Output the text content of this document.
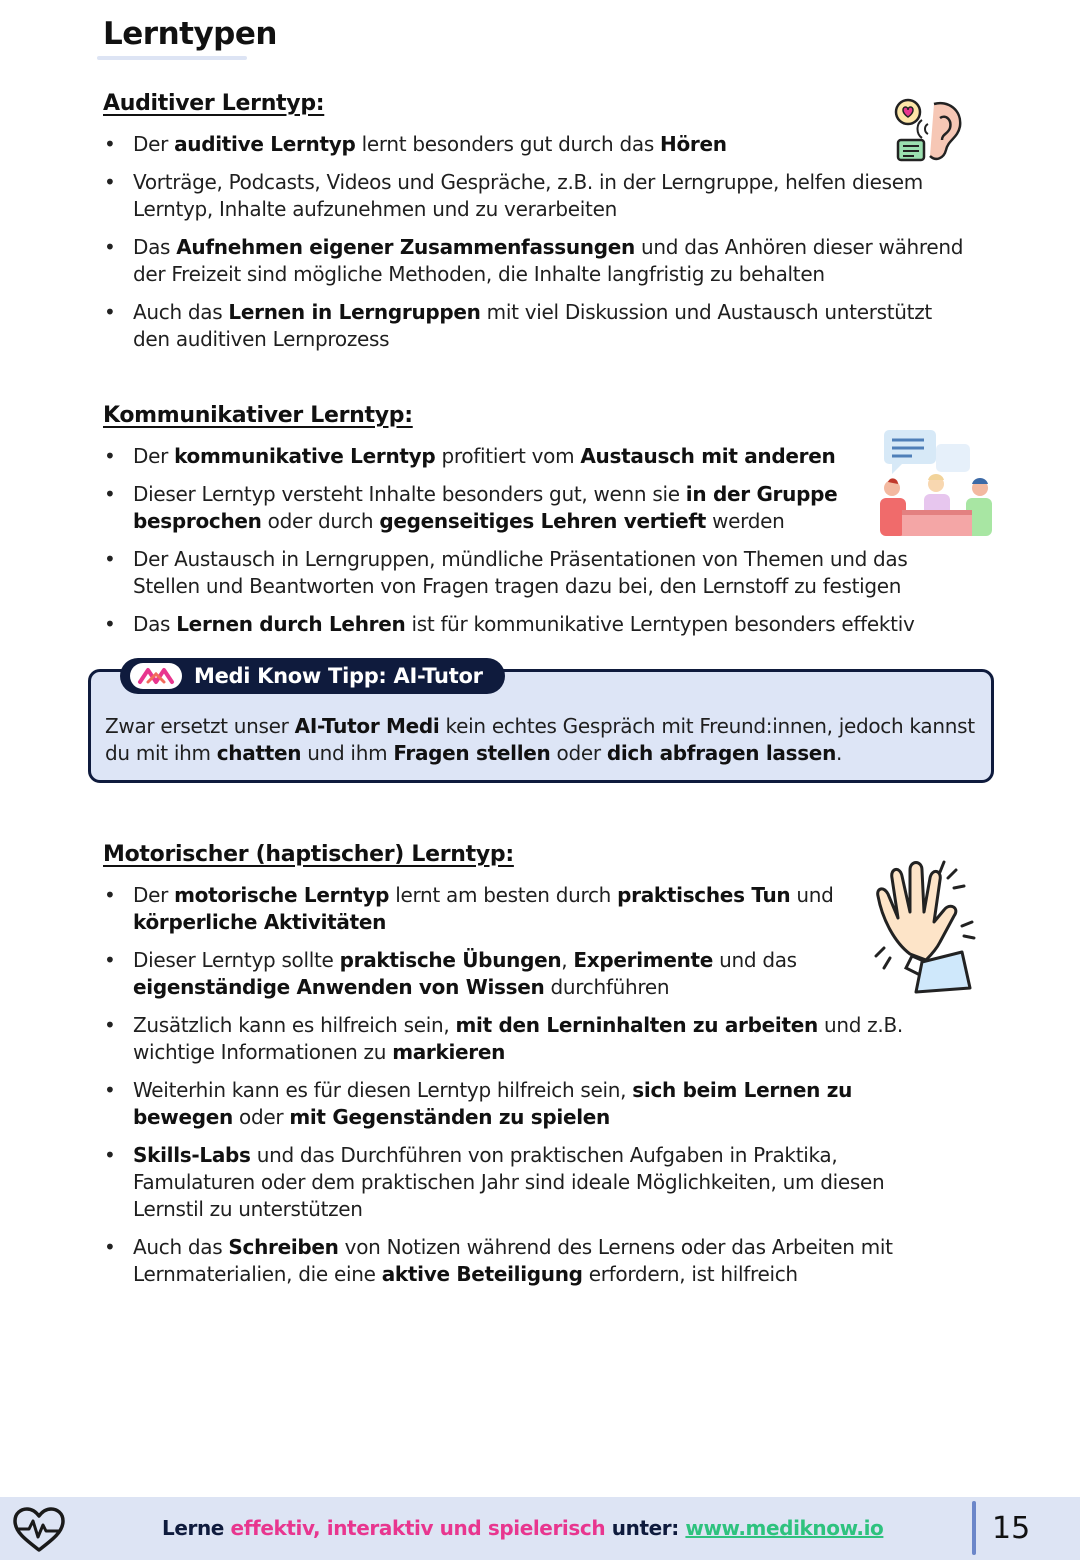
Lerntypen
Auditiver Lerntyp:
• Der auditive Lerntyp lernt besonders gut durch das Hören
• Vorträge, Podcasts, Videos und Gespräche, z.B. in der Lerngruppe, helfen diesem Lerntyp, Inhalte aufzunehmen und zu verarbeiten
• Das Aufnehmen eigener Zusammenfassungen und das Anhören dieser während der Freizeit sind mögliche Methoden, die Inhalte langfristig zu behalten
• Auch das Lernen in Lerngruppen mit viel Diskussion und Austausch unterstützt den auditiven Lernprozess
Kommunikativer Lerntyp:
• Der kommunikative Lerntyp profitiert vom Austausch mit anderen
• Dieser Lerntyp versteht Inhalte besonders gut, wenn sie in der Gruppe besprochen oder durch gegenseitiges Lehren vertieft werden
• Der Austausch in Lerngruppen, mündliche Präsentationen von Themen und das Stellen und Beantworten von Fragen tragen dazu bei, den Lernstoff zu festigen
• Das Lernen durch Lehren ist für kommunikative Lerntypen besonders effektiv
Medi Know Tipp: AI-Tutor
Zwar ersetzt unser AI-Tutor Medi kein echtes Gespräch mit Freund:innen, jedoch kannst du mit ihm chatten und ihm Fragen stellen oder dich abfragen lassen.
Motorischer (haptischer) Lerntyp:
• Der motorische Lerntyp lernt am besten durch praktisches Tun und körperliche Aktivitäten
• Dieser Lerntyp sollte praktische Übungen, Experimente und das eigenständige Anwenden von Wissen durchführen
• Zusätzlich kann es hilfreich sein, mit den Lerninhalten zu arbeiten und z.B. wichtige Informationen zu markieren
• Weiterhin kann es für diesen Lerntyp hilfreich sein, sich beim Lernen zu bewegen oder mit Gegenständen zu spielen
• Skills-Labs und das Durchführen von praktischen Aufgaben in Praktika, Famulaturen oder dem praktischen Jahr sind ideale Möglichkeiten, um diesen Lernstil zu unterstützen
• Auch das Schreiben von Notizen während des Lernens oder das Arbeiten mit Lernmaterialien, die eine aktive Beteiligung erfordern, ist hilfreich
Lerne effektiv, interaktiv und spielerisch unter: www.mediknow.io	15
